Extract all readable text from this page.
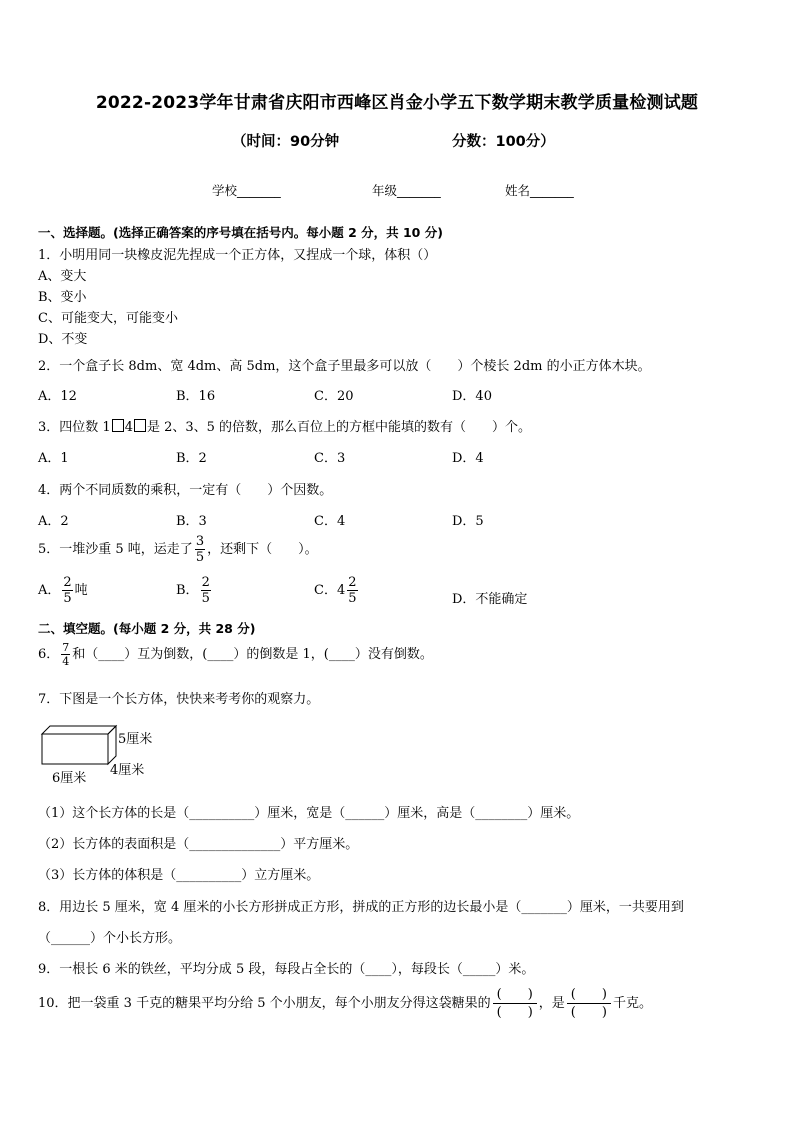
2022-2023学年甘肃省庆阳市西峰区肖金小学五下数学期末教学质量检测试题
（时间：90分钟	分数：100分）
学校_______	年级_______	姓名_______
一、选择题。(选择正确答案的序号填在括号内。每小题 2 分，共 10 分)
1．小明用同一块橡皮泥先捏成一个正方体，又捏成一个球，体积（）
A、变大
B、变小
C、可能变大，可能变小
D、不变
2．一个盒子长 8dm、宽 4dm、高 5dm，这个盒子里最多可以放（　　）个棱长 2dm 的小正方体木块。
A．12	B．16	C．20	D．40
3．四位数 1 4 是 2、3、5 的倍数，那么百位上的方框中能填的数有（　　）个。
A．1	B．2	C．3	D．4
4．两个不同质数的乘积，一定有（　　）个因数。
A．2	B．3	C．4	D．5
5．一堆沙重 5 吨，运走了 $\frac{3}{5}$ ，还剩下（　　）。
A． $\frac{2}{5}$ 吨	B． $\frac{2}{5}$	C．$4 \frac{2}{5}$	D．不能确定
二、填空题。(每小题 2 分，共 28 分)
6． $\frac{7}{4}$ 和（____）互为倒数，(____）的倒数是 1，(____）没有倒数。
7．下图是一个长方体，快快来考考你的观察力。
5厘米
4厘米
6厘米
（1）这个长方体的长是（__________）厘米，宽是（______）厘米，高是（________）厘米。
（2）长方体的表面积是（______________）平方厘米。
（3）长方体的体积是（__________）立方厘米。
8．用边长 5 厘米，宽 4 厘米的小长方形拼成正方形，拼成的正方形的边长最小是（_______）厘米，一共要用到
（______）个小长方形。
9．一根长 6 米的铁丝，平均分成 5 段，每段占全长的（____），每段长（_____）米。
10．把一袋重 3 千克的糖果平均分给 5 个小朋友，每个小朋友分得这袋糖果的 $\frac{( )}{( )}$ ，是 $\frac{( )}{( )}$ 千克。
